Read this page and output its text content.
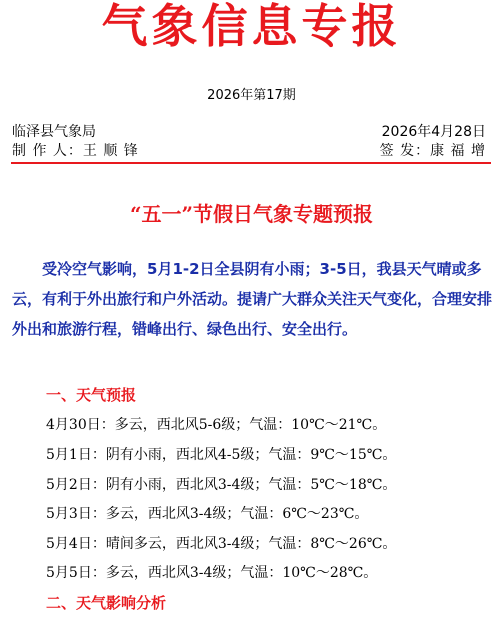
气象信息专报
2026年第17期
临泽县气象局	2026年4月28日
制 作 人：王 顺 锋	签 发：康 福 增
“五一”节假日气象专题预报
受冷空气影响，5月1-2日全县阴有小雨；3-5日，我县天气晴或多云，有利于外出旅行和户外活动。提请广大群众关注天气变化，合理安排外出和旅游行程，错峰出行、绿色出行、安全出行。
一、天气预报
4月30日：多云，西北风5-6级；气温：10℃～21℃。
5月1日：阴有小雨，西北风4-5级；气温：9℃～15℃。
5月2日：阴有小雨，西北风3-4级；气温：5℃～18℃。
5月3日：多云，西北风3-4级；气温：6℃～23℃。
5月4日：晴间多云，西北风3-4级；气温：8℃～26℃。
5月5日：多云，西北风3-4级；气温：10℃～28℃。
二、天气影响分析
